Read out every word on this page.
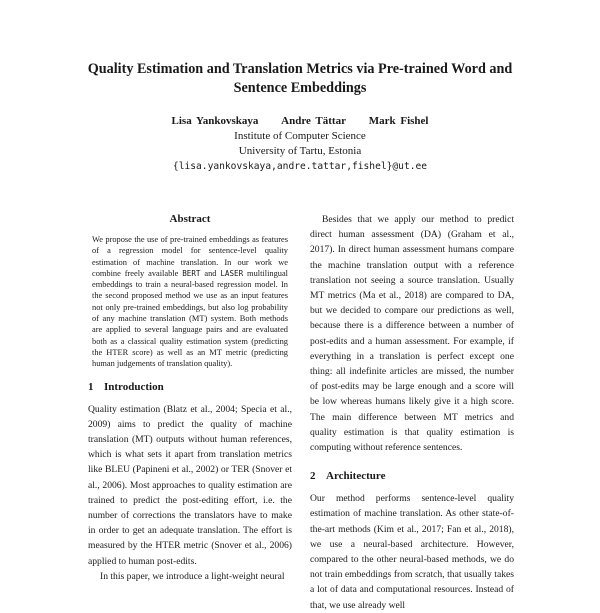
Quality Estimation and Translation Metrics via Pre-trained Word and
Sentence Embeddings
Lisa Yankovskaya Andre Tättar Mark Fishel
Institute of Computer Science
University of Tartu, Estonia
{lisa.yankovskaya,andre.tattar,fishel}@ut.ee
Abstract
We propose the use of pre-trained embeddings as features of a regression model for sentence-level quality estimation of machine translation. In our work we combine freely available BERT and LASER multilingual embeddings to train a neural-based regression model. In the second proposed method we use as an input features not only pre-trained embeddings, but also log probability of any machine translation (MT) system. Both methods are applied to several language pairs and are evaluated both as a classical quality estimation system (predicting the HTER score) as well as an MT metric (predicting human judgements of translation quality).
1 Introduction

Quality estimation (Blatz et al., 2004; Specia et al., 2009) aims to predict the quality of machine translation (MT) outputs without human references, which is what sets it apart from translation metrics like BLEU (Papineni et al., 2002) or TER (Snover et al., 2006). Most approaches to quality estimation are trained to predict the post-editing effort, i.e. the number of corrections the translators have to make in order to get an adequate translation. The effort is measured by the HTER metric (Snover et al., 2006) applied to human post-edits.

In this paper, we introduce a light-weight neural

Besides that we apply our method to predict direct human assessment (DA) (Graham et al., 2017). In direct human assessment humans compare the machine translation output with a reference translation not seeing a source translation. Usually MT metrics (Ma et al., 2018) are compared to DA, but we decided to compare our predictions as well, because there is a difference between a number of post-edits and a human assessment. For example, if everything in a translation is perfect except one thing: all indefinite articles are missed, the number of post-edits may be large enough and a score will be low whereas humans likely give it a high score. The main difference between MT metrics and quality estimation is that quality estimation is computing without reference sentences.

2 Architecture

Our method performs sentence-level quality estimation of machine translation. As other state-of-the-art methods (Kim et al., 2017; Fan et al., 2018), we use a neural-based architecture. However, compared to the other neural-based methods, we do not train embeddings from scratch, that usually takes a lot of data and computational resources. Instead of that, we use already well
